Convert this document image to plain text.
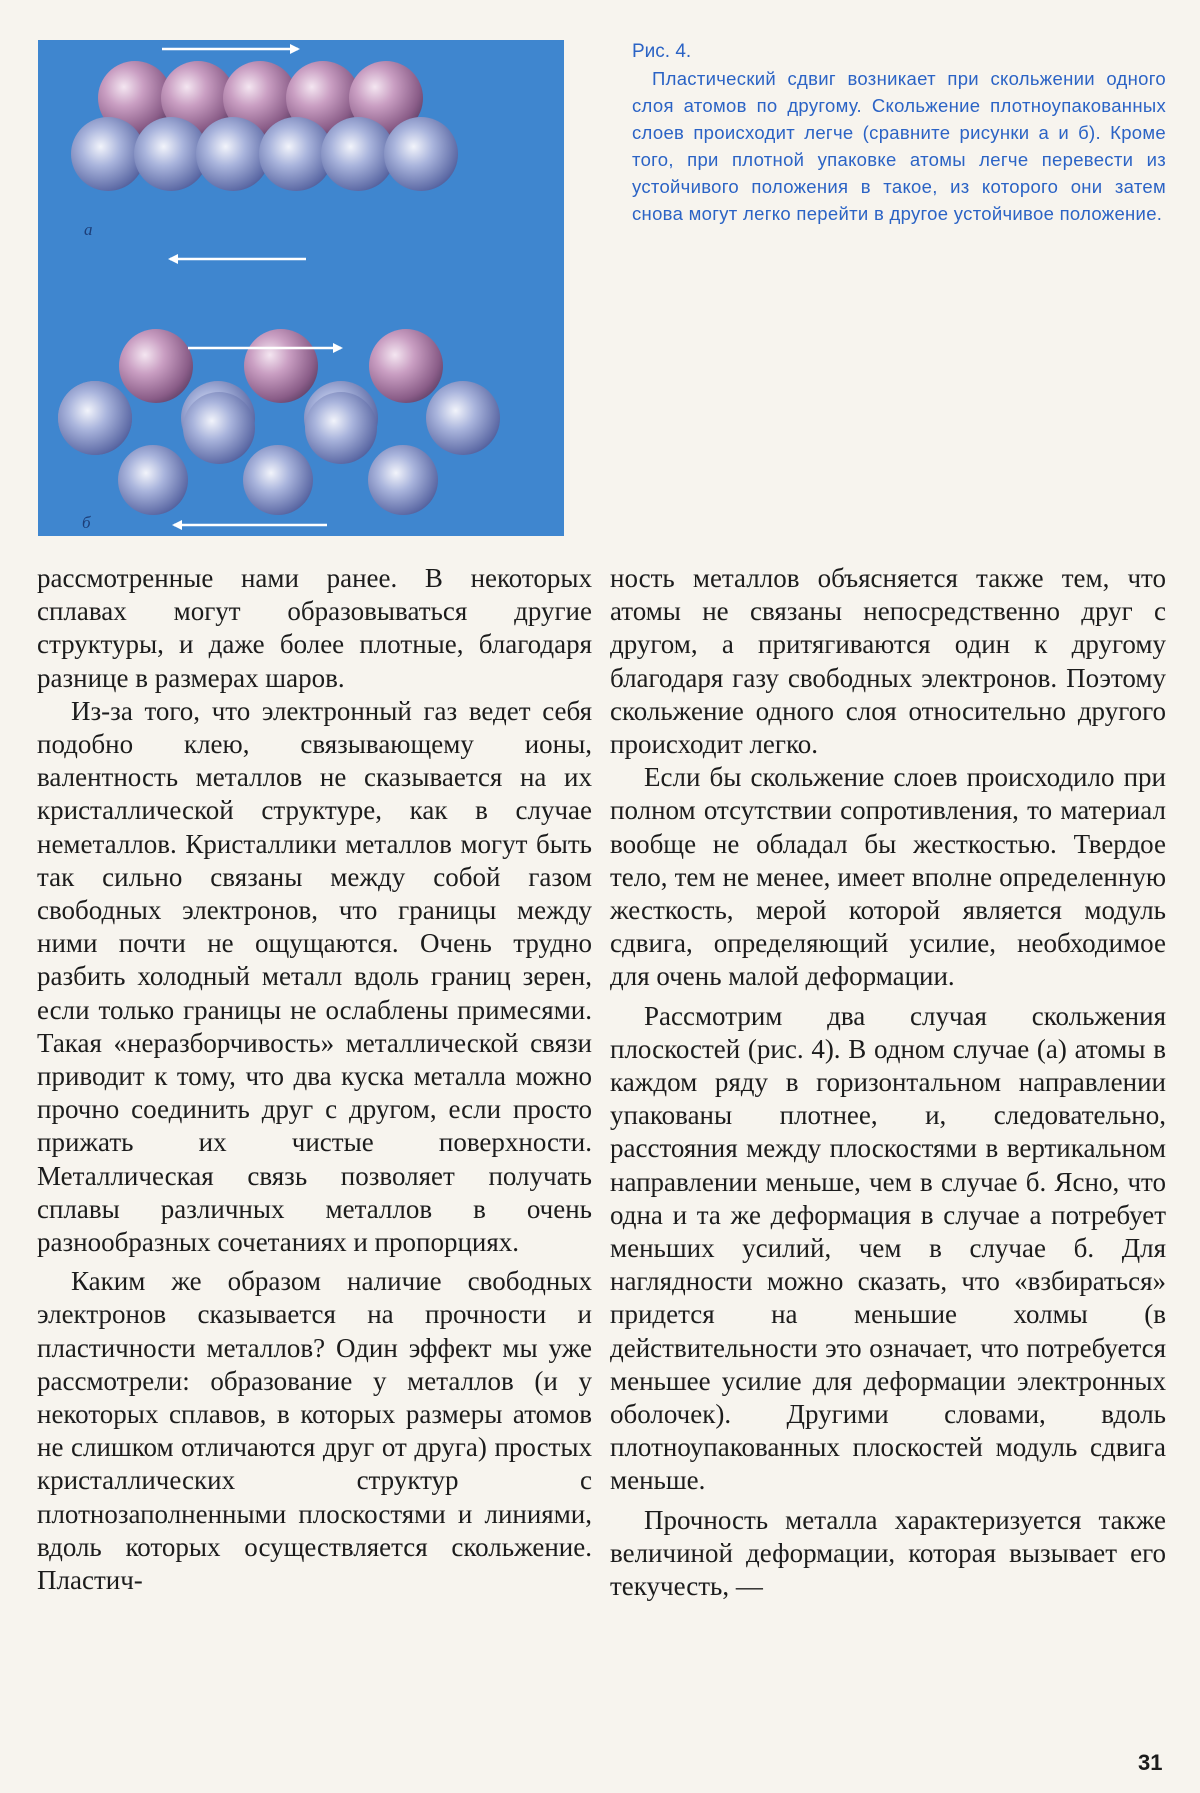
а
б

Рис. 4.

Пластический сдвиг возникает при скольжении одного слоя атомов по другому. Скольжение плотноупакованных слоев происходит легче (сравните рисунки а и б). Кроме того, при плотной упаковке атомы легче перевести из устойчивого положения в такое, из которого они затем снова могут легко перейти в другое устойчивое положение.

рассмотренные нами ранее. В некоторых сплавах могут образовываться другие структуры, и даже более плотные, благодаря разнице в размерах шаров.

Из-за того, что электронный газ ведет себя подобно клею, связывающему ионы, валентность металлов не сказывается на их кристаллической структуре, как в случае неметаллов. Кристаллики металлов могут быть так сильно связаны между собой газом свободных электронов, что границы между ними почти не ощущаются. Очень трудно разбить холодный металл вдоль границ зерен, если только границы не ослаблены примесями. Такая «неразборчивость» металлической связи приводит к тому, что два куска металла можно прочно соединить друг с другом, если просто прижать их чистые поверхности. Металлическая связь позволяет получать сплавы различных металлов в очень разнообразных сочетаниях и пропорциях.

Каким же образом наличие свободных электронов сказывается на прочности и пластичности металлов? Один эффект мы уже рассмотрели: образование у металлов (и у некоторых сплавов, в которых размеры атомов не слишком отличаются друг от друга) простых кристаллических структур с плотнозаполненными плоскостями и линиями, вдоль которых осуществляется скольжение. Пластич-

ность металлов объясняется также тем, что атомы не связаны непосредственно друг с другом, а притягиваются один к другому благодаря газу свободных электронов. Поэтому скольжение одного слоя относительно другого происходит легко.

Если бы скольжение слоев происходило при полном отсутствии сопротивления, то материал вообще не обладал бы жесткостью. Твердое тело, тем не менее, имеет вполне определенную жесткость, мерой которой является модуль сдвига, определяющий усилие, необходимое для очень малой деформации.

Рассмотрим два случая скольжения плоскостей (рис. 4). В одном случае (а) атомы в каждом ряду в горизонтальном направлении упакованы плотнее, и, следовательно, расстояния между плоскостями в вертикальном направлении меньше, чем в случае б. Ясно, что одна и та же деформация в случае а потребует меньших усилий, чем в случае б. Для наглядности можно сказать, что «взбираться» придется на меньшие холмы (в действительности это означает, что потребуется меньшее усилие для деформации электронных оболочек). Другими словами, вдоль плотноупакованных плоскостей модуль сдвига меньше.

Прочность металла характеризуется также величиной деформации, которая вызывает его текучесть, —

31
